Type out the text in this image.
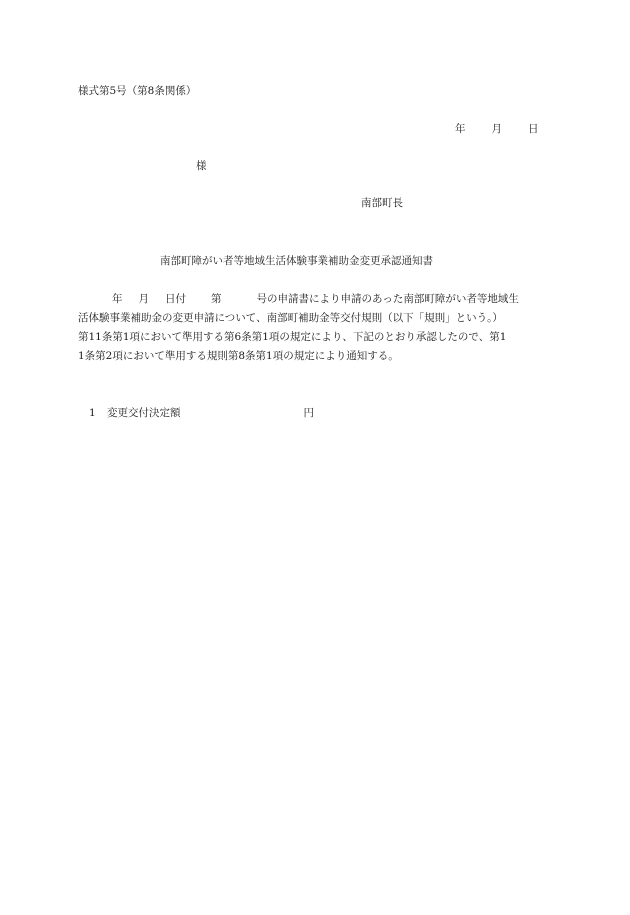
様式第5号（第8条関係）
年 月 日
様
南部町長
南部町障がい者等地域生活体験事業補助金変更承認通知書
年 月 日付 第	号の申請書により申請のあった南部町障がい者等地域生
活体験事業補助金の変更申請について、南部町補助金等交付規則（以下「規則」という。）
第11条第1項において準用する第6条第1項の規定により、下記のとおり承認したので、第1
1条第2項において準用する規則第8条第1項の規定により通知する。
1 変更交付決定額	円
